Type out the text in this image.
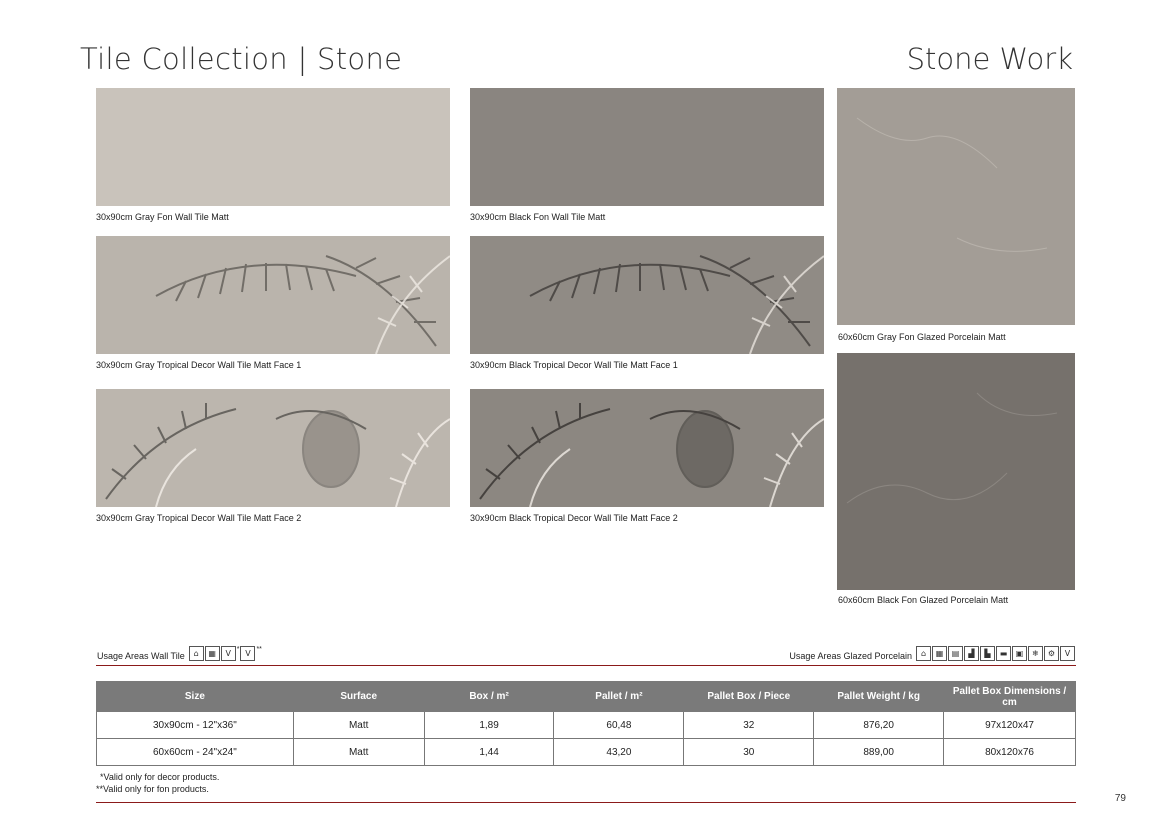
Tile Collection | Stone	Stone Work
30x90cm Gray Fon Wall Tile Matt	30x90cm Black Fon Wall Tile Matt
30x90cm Gray Tropical Decor Wall Tile Matt Face 1	30x90cm Black Tropical Decor Wall Tile Matt Face 1
30x90cm Gray Tropical Decor Wall Tile Matt Face 2	30x90cm Black Tropical Decor Wall Tile Matt Face 2
60x60cm Gray Fon Glazed Porcelain Matt
60x60cm Black Fon Glazed Porcelain Matt
Usage Areas Wall Tile	⌂	▦	V * V **
Usage Areas Glazed Porcelain	⌂	▦	▤	▟	▙	▬	▣	❄	⚙	V
Size	Surface	Box / m²	Pallet / m²	Pallet Box / Piece	Pallet Weight / kg	Pallet Box Dimensions / cm
30x90cm - 12"x36"	Matt	1,89	60,48	32	876,20	97x120x47
60x60cm - 24"x24"	Matt	1,44	43,20	30	889,00	80x120x76
*Valid only for decor products.
**Valid only for fon products.
79
